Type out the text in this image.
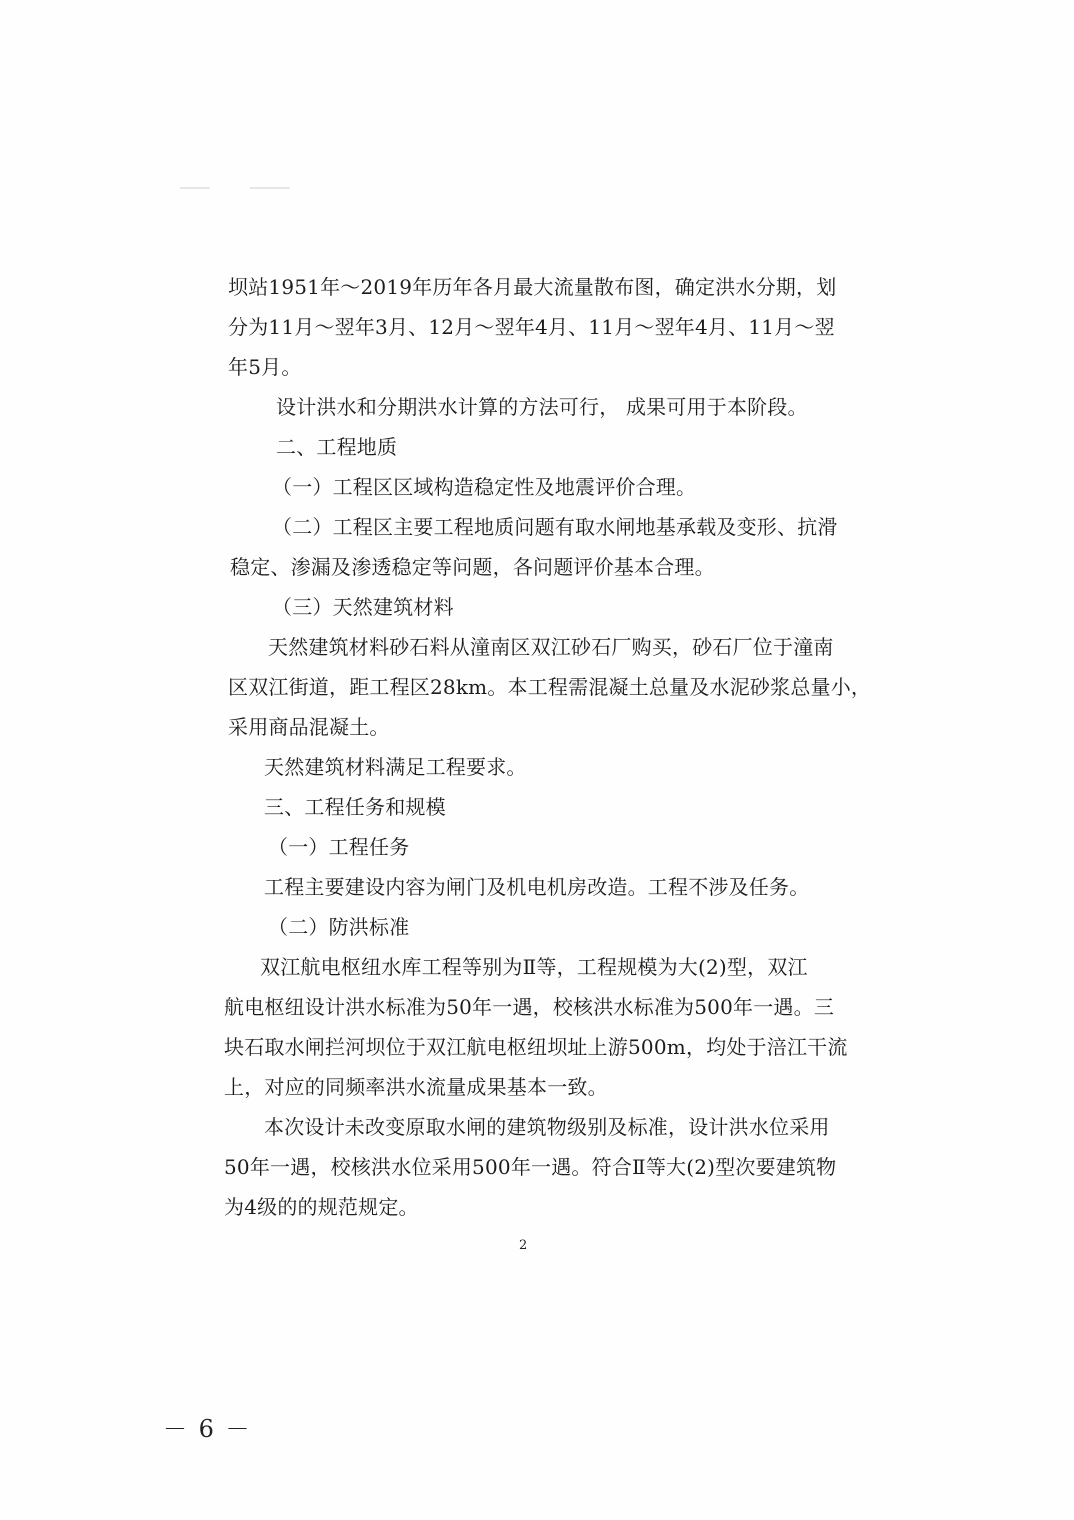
坝站1951年～2019年历年各月最大流量散布图，确定洪水分期，划
分为11月～翌年3月、12月～翌年4月、11月～翌年4月、11月～翌
年5月。
设计洪水和分期洪水计算的方法可行， 成果可用于本阶段。
二、工程地质
（一）工程区区域构造稳定性及地震评价合理。
（二）工程区主要工程地质问题有取水闸地基承载及变形、抗滑
稳定、渗漏及渗透稳定等问题，各问题评价基本合理。
（三）天然建筑材料
天然建筑材料砂石料从潼南区双江砂石厂购买，砂石厂位于潼南
区双江街道，距工程区28km。本工程需混凝土总量及水泥砂浆总量小，
采用商品混凝土。
天然建筑材料满足工程要求。
三、工程任务和规模
（一）工程任务
工程主要建设内容为闸门及机电机房改造。工程不涉及任务。
（二）防洪标准
双江航电枢纽水库工程等别为Ⅱ等，工程规模为大(2)型，双江
航电枢纽设计洪水标准为50年一遇，校核洪水标准为500年一遇。三
块石取水闸拦河坝位于双江航电枢纽坝址上游500m，均处于涪江干流
上，对应的同频率洪水流量成果基本一致。
本次设计未改变原取水闸的建筑物级别及标准，设计洪水位采用
50年一遇，校核洪水位采用500年一遇。符合Ⅱ等大(2)型次要建筑物
为4级的的规范规定。
2
－ 6 －
